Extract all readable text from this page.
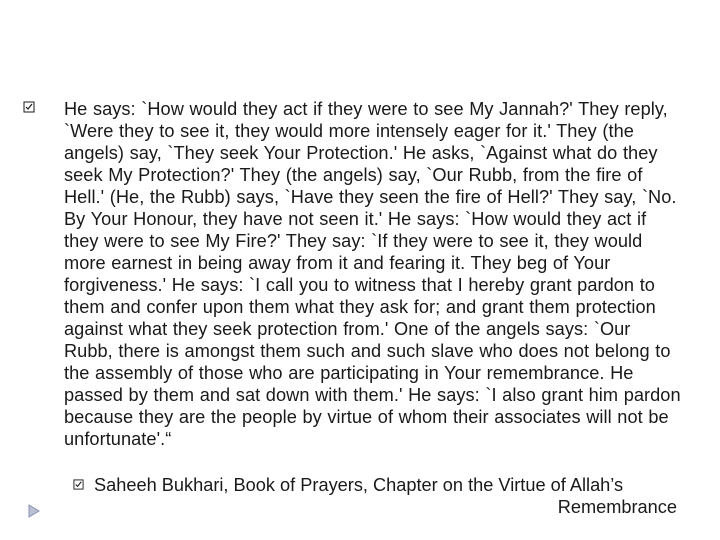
He says: `How would they act if they were to see My Jannah?' They reply, `Were they to see it, they would more intensely eager for it.' They (the angels) say, `They seek Your Protection.' He asks, `Against what do they seek My Protection?' They (the angels) say, `Our Rubb, from the fire of Hell.' (He, the Rubb) says, `Have they seen the fire of Hell?' They say, `No. By Your Honour, they have not seen it.' He says: `How would they act if they were to see My Fire?' They say: `If they were to see it, they would more earnest in being away from it and fearing it. They beg of Your forgiveness.' He says: `I call you to witness that I hereby grant pardon to them and confer upon them what they ask for; and grant them protection against what they seek protection from.' One of the angels says: `Our Rubb, there is amongst them such and such slave who does not belong to the assembly of those who are participating in Your remembrance. He passed by them and sat down with them.' He says: `I also grant him pardon because they are the people by virtue of whom their associates will not be unfortunate'.“

Saheeh Bukhari, Book of Prayers, Chapter on the Virtue of Allah’s
Remembrance
